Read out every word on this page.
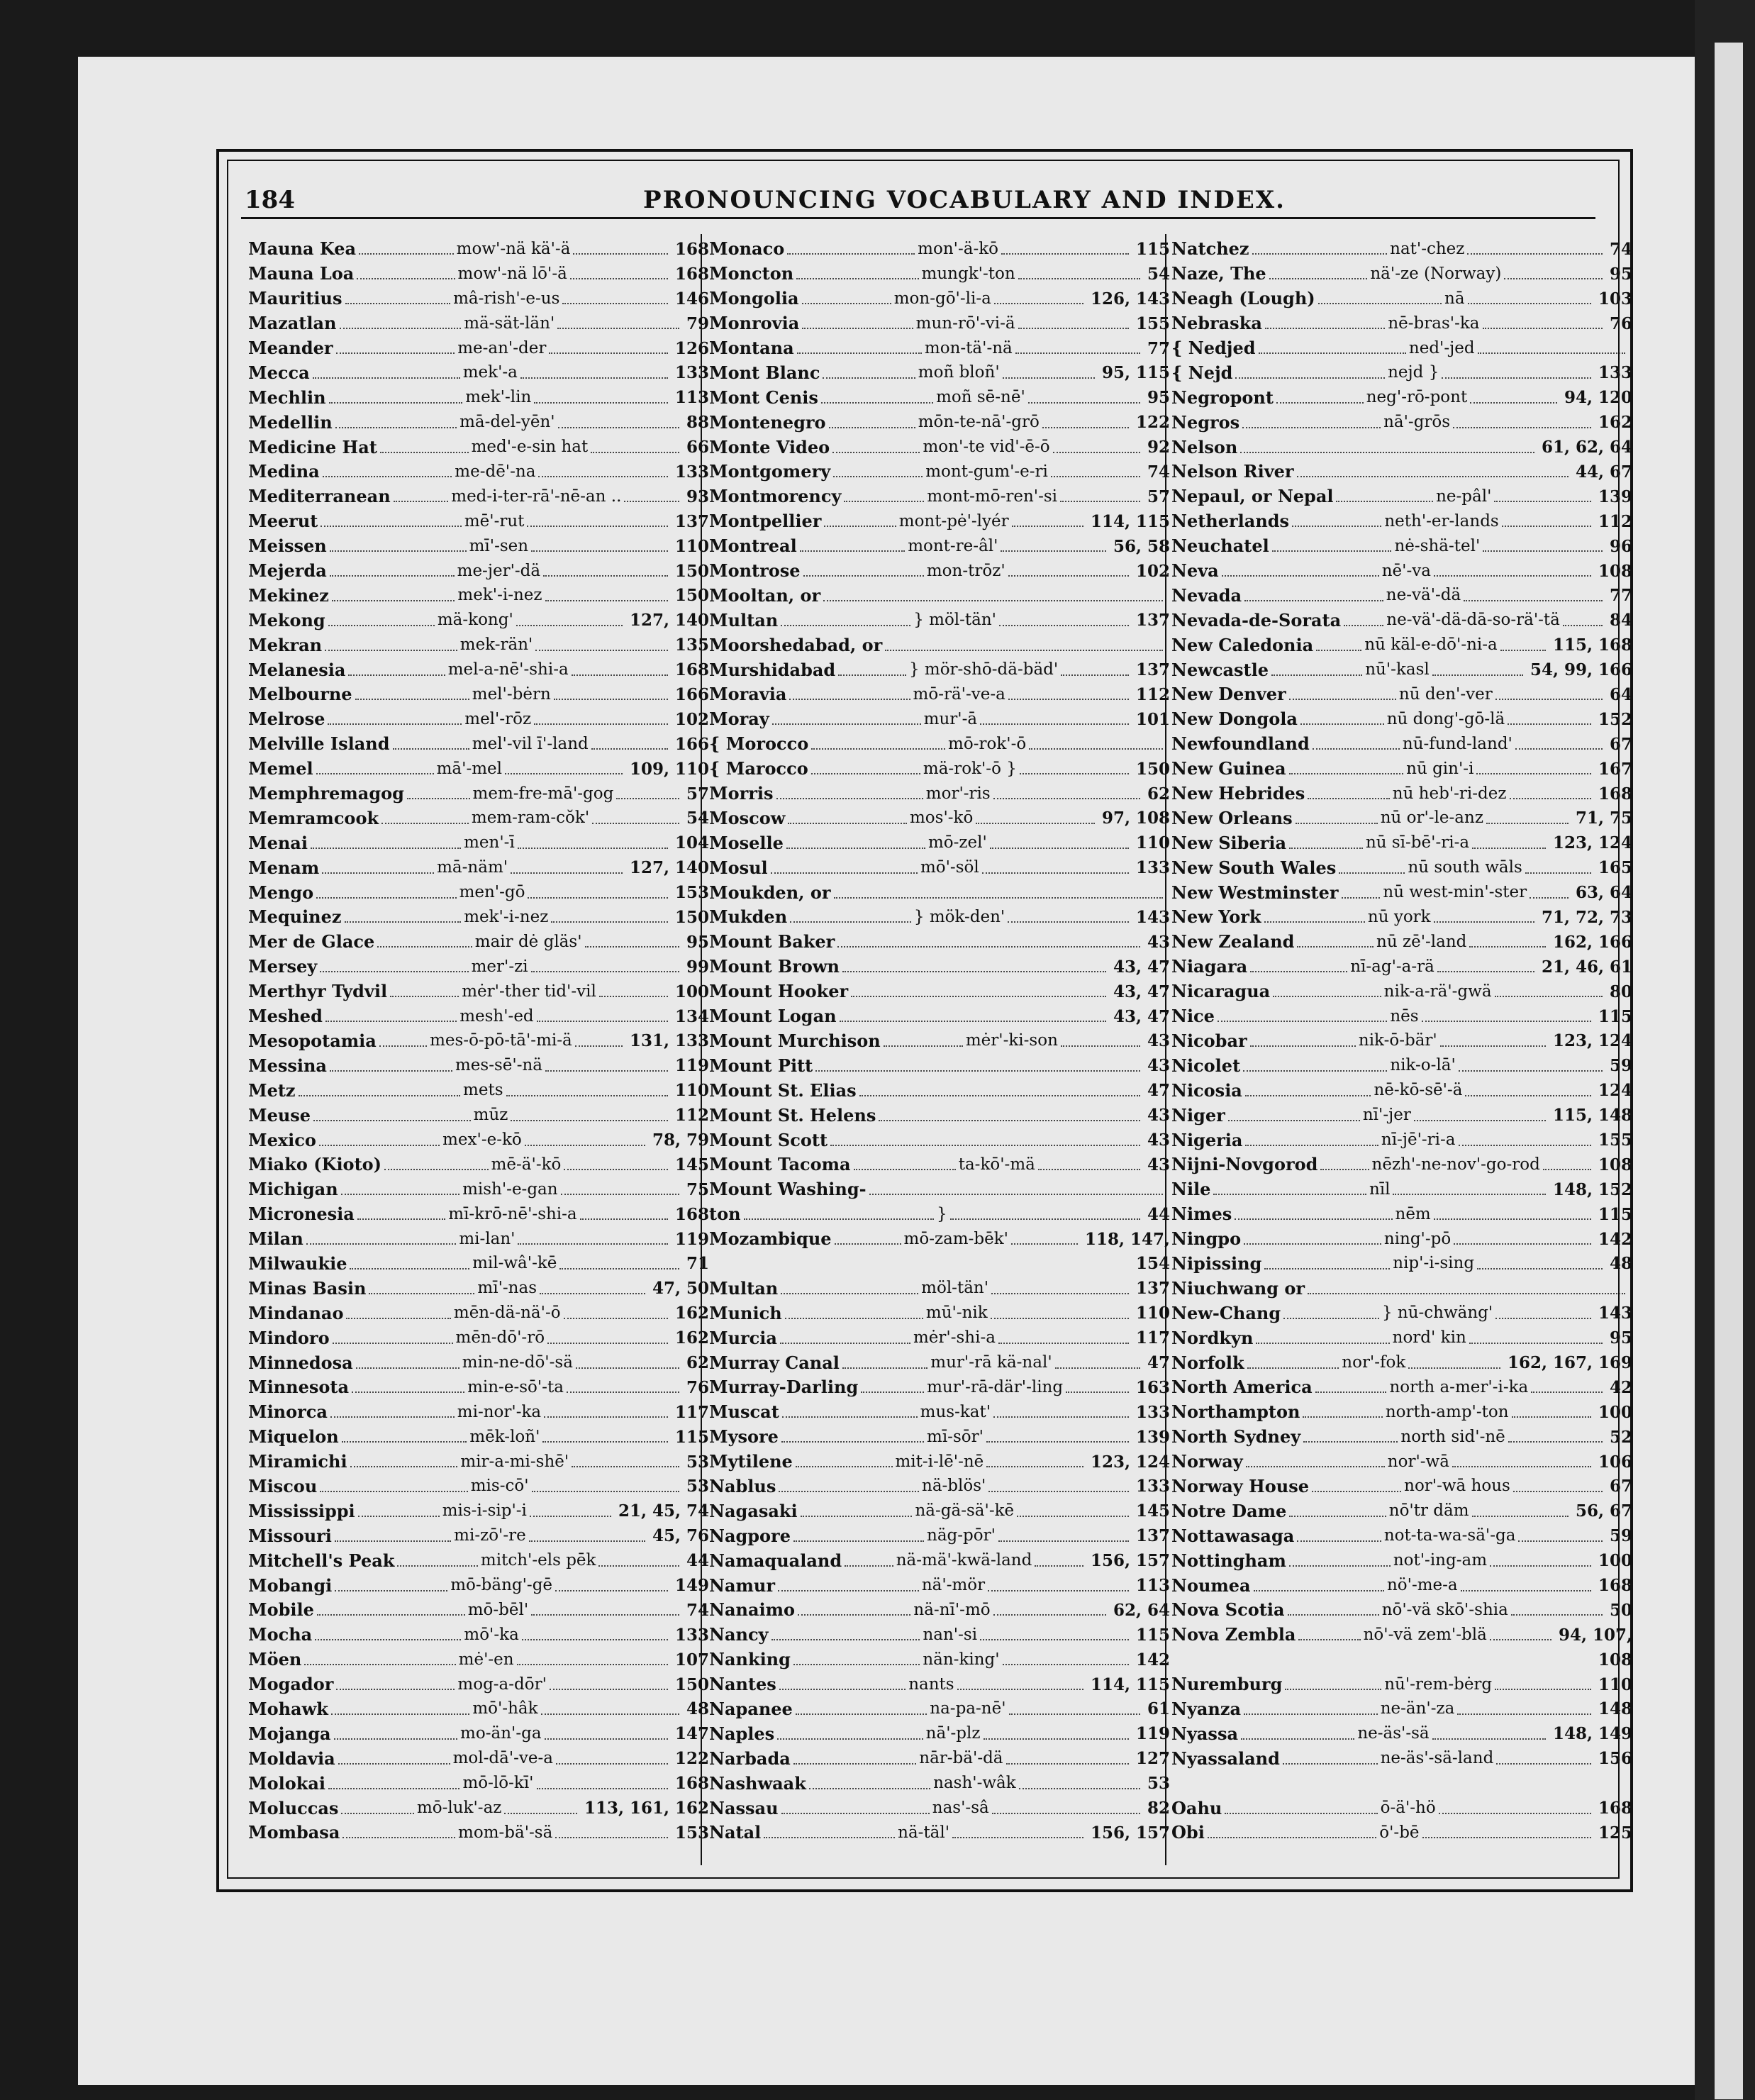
184	PRONOUNCING VOCABULARY AND INDEX.
Mauna Kea	mow'-nä kä'-ä	168
Mauna Loa	mow'-nä lō'-ä	168
Mauritius	mâ-rish'-e-us	146
Mazatlan	mä-sät-län'	79
Meander	me-an'-der	126
Mecca	mek'-a	133
Mechlin	mek'-lin	113
Medellin	mā-del-yēn'	88
Medicine Hat	med'-e-sin hat	66
Medina	me-dē'-na	133
Mediterranean	med-i-ter-rā'-nē-an ..	93
Meerut	mē'-rut	137
Meissen	mī'-sen	110
Mejerda	me-jer'-dä	150
Mekinez	mek'-i-nez	150
Mekong	mä-kong'	127, 140
Mekran	mek-rän'	135
Melanesia	mel-a-nē'-shi-a	168
Melbourne	mel'-bėrn	166
Melrose	mel'-rōz	102
Melville Island	mel'-vil ī'-land	166
Memel	mā'-mel	109, 110
Memphremagog	mem-fre-mā'-gog	57
Memramcook	mem-ram-cŏk'	54
Menai	men'-ī	104
Menam	mā-näm'	127, 140
Mengo	men'-gō	153
Mequinez	mek'-i-nez	150
Mer de Glace	mair dė gläs'	95
Mersey	mer'-zi	99
Merthyr Tydvil	mėr'-ther tid'-vil	100
Meshed	mesh'-ed	134
Mesopotamia	mes-ō-pō-tā'-mi-ä	131, 133
Messina	mes-sē'-nä	119
Metz	mets	110
Meuse	mūz	112
Mexico	mex'-e-kō	78, 79
Miako (Kioto)	mē-ä'-kō	145
Michigan	mish'-e-gan	75
Micronesia	mī-krō-nē'-shi-a	168
Milan	mi-lan'	119
Milwaukie	mil-wâ'-kē	71
Minas Basin	mī'-nas	47, 50
Mindanao	mēn-dä-nä'-ō	162
Mindoro	mēn-dō'-rō	162
Minnedosa	min-ne-dō'-sä	62
Minnesota	min-e-sō'-ta	76
Minorca	mi-nor'-ka	117
Miquelon	mēk-loñ'	115
Miramichi	mir-a-mi-shē'	53
Miscou	mis-cō'	53
Mississippi	mis-i-sip'-i	21, 45, 74
Missouri	mi-zō'-re	45, 76
Mitchell's Peak	mitch'-els pēk	44
Mobangi	mō-bäng'-gē	149
Mobile	mō-bēl'	74
Mocha	mō'-ka	133
Möen	mė'-en	107
Mogador	mog-a-dōr'	150
Mohawk	mō'-hâk	48
Mojanga	mo-än'-ga	147
Moldavia	mol-dā'-ve-a	122
Molokai	mō-lō-kī'	168
Moluccas	mō-luk'-az	113, 161, 162
Mombasa	mom-bä'-sä	153
Monaco	mon'-ä-kō	115
Moncton	mungk'-ton	54
Mongolia	mon-gō'-li-a	126, 143
Monrovia	mun-rō'-vi-ä	155
Montana	mon-tä'-nä	77
Mont Blanc	moñ bloñ'	95, 115
Mont Cenis	moñ sē-nē'	95
Montenegro	mōn-te-nā'-grō	122
Monte Video	mon'-te vid'-ē-ō	92
Montgomery	mont-gum'-e-ri	74
Montmorency	mont-mō-ren'-si	57
Montpellier	mont-pė'-lyér	114, 115
Montreal	mont-re-âl'	56, 58
Montrose	mon-trōz'	102
Mooltan, or
Multan	} möl-tän'	137
Moorshedabad, or
Murshidabad	} mör-shō-dä-bäd'	137
Moravia	mō-rä'-ve-a	112
Moray	mur'-ā	101
{ Morocco	mō-rok'-ō
{ Marocco	mä-rok'-ō }	150
Morris	mor'-ris	62
Moscow	mos'-kō	97, 108
Moselle	mō-zel'	110
Mosul	mō'-söl	133
Moukden, or
Mukden	} mök-den'	143
Mount Baker	43
Mount Brown	43, 47
Mount Hooker	43, 47
Mount Logan	43, 47
Mount Murchison	mėr'-ki-son	43
Mount Pitt	43
Mount St. Elias	47
Mount St. Helens	43
Mount Scott	43
Mount Tacoma	ta-kō'-mä	43
Mount Washing-
ton	}	44
Mozambique	mō-zam-bēk'	118, 147,
154
Multan	möl-tän'	137
Munich	mū'-nik	110
Murcia	mėr'-shi-a	117
Murray Canal	mur'-rā kä-nal'	47
Murray-Darling	mur'-rā-där'-ling	163
Muscat	mus-kat'	133
Mysore	mī-sōr'	139
Mytilene	mit-i-lē'-nē	123, 124
Nablus	nä-blös'	133
Nagasaki	nä-gä-sä'-kē	145
Nagpore	näg-pōr'	137
Namaqualand	nä-mä'-kwä-land	156, 157
Namur	nä'-mör	113
Nanaimo	nä-nī'-mō	62, 64
Nancy	nan'-si	115
Nanking	nän-king'	142
Nantes	nants	114, 115
Napanee	na-pa-nē'	61
Naples	nā'-plz	119
Narbada	nār-bä'-dä	127
Nashwaak	nash'-wâk	53
Nassau	nas'-sâ	82
Natal	nä-täl'	156, 157
Natchez	nat'-chez	74
Naze, The	nä'-ze (Norway)	95
Neagh (Lough)	nā	103
Nebraska	nē-bras'-ka	76
{ Nedjed	ned'-jed
{ Nejd	nejd }	133
Negropont	neg'-rō-pont	94, 120
Negros	nā'-grōs	162
Nelson	61, 62, 64
Nelson River	44, 67
Nepaul, or Nepal	ne-pâl'	139
Netherlands	neth'-er-lands	112
Neuchatel	nė-shä-tel'	96
Neva	nē'-va	108
Nevada	ne-vä'-dä	77
Nevada-de-Sorata	ne-vä'-dä-dā-so-rä'-tä	84
New Caledonia	nū käl-e-dō'-ni-a	115, 168
Newcastle	nū'-kasl	54, 99, 166
New Denver	nū den'-ver	64
New Dongola	nū dong'-gō-lä	152
Newfoundland	nū-fund-land'	67
New Guinea	nū gin'-i	167
New Hebrides	nū heb'-ri-dez	168
New Orleans	nū or'-le-anz	71, 75
New Siberia	nū sī-bē'-ri-a	123, 124
New South Wales	nū south wāls	165
New Westminster	nū west-min'-ster	63, 64
New York	nū york	71, 72, 73
New Zealand	nū zē'-land	162, 166
Niagara	nī-ag'-a-rä	21, 46, 61
Nicaragua	nik-a-rä'-gwä	80
Nice	nēs	115
Nicobar	nik-ō-bär'	123, 124
Nicolet	nik-o-lā'	59
Nicosia	nē-kō-sē'-ä	124
Niger	nī'-jer	115, 148
Nigeria	nī-jē'-ri-a	155
Nijni-Novgorod	nēzh'-ne-nov'-go-rod	108
Nile	nīl	148, 152
Nimes	nēm	115
Ningpo	ning'-pō	142
Nipissing	nip'-i-sing	48
Niuchwang or
New-Chang	} nū-chwäng'	143
Nordkyn	nord' kin	95
Norfolk	nor'-fok	162, 167, 169
North America	north a-mer'-i-ka	42
Northampton	north-amp'-ton	100
North Sydney	north sid'-nē	52
Norway	nor'-wā	106
Norway House	nor'-wā hous	67
Notre Dame	nō'tr däm	56, 67
Nottawasaga	not-ta-wa-sä'-ga	59
Nottingham	not'-ing-am	100
Noumea	nö'-me-a	168
Nova Scotia	nō'-vä skō'-shia	50
Nova Zembla	nō'-vä zem'-blä	94, 107,
108
Nuremburg	nū'-rem-bėrg	110
Nyanza	ne-än'-za	148
Nyassa	ne-äs'-sä	148, 149
Nyassaland	ne-äs'-sä-land	156
Oahu	ō-ä'-hö	168
Obi	ō'-bē	125
